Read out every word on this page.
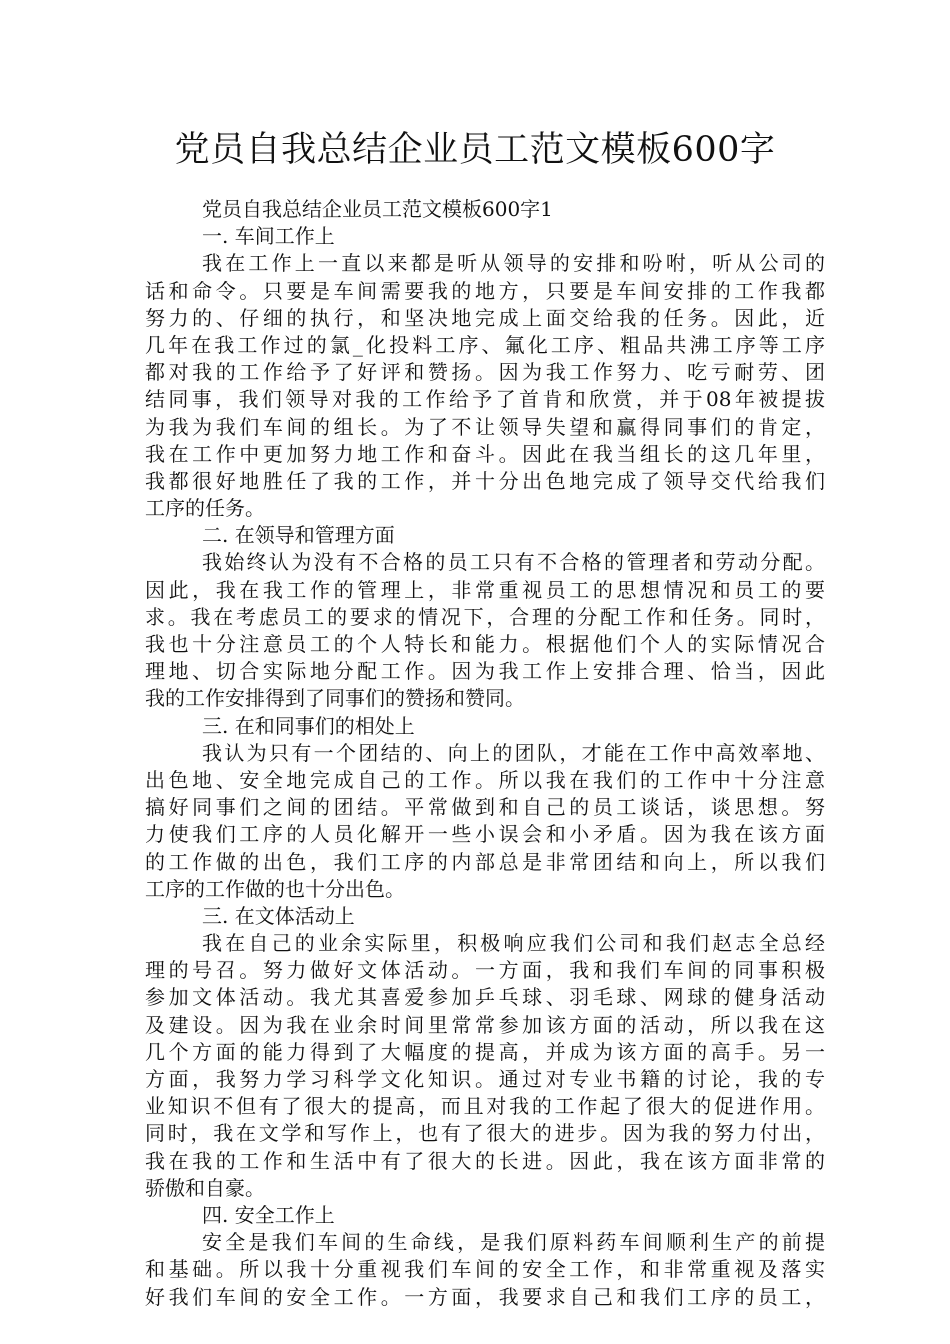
党员自我总结企业员工范文模板600字
党员自我总结企业员工范文模板600字1
一. 车间工作上
我在工作上一直以来都是听从领导的安排和吩咐，听从公司的
话和命令。只要是车间需要我的地方，只要是车间安排的工作我都
努力的、仔细的执行，和坚决地完成上面交给我的任务。因此，近
几年在我工作过的氯_化投料工序、氟化工序、粗品共沸工序等工序
都对我的工作给予了好评和赞扬。因为我工作努力、吃亏耐劳、团
结同事，我们领导对我的工作给予了首肯和欣赏，并于08年被提拔
为我为我们车间的组长。为了不让领导失望和赢得同事们的肯定，
我在工作中更加努力地工作和奋斗。因此在我当组长的这几年里，
我都很好地胜任了我的工作，并十分出色地完成了领导交代给我们
工序的任务。
二. 在领导和管理方面
我始终认为没有不合格的员工只有不合格的管理者和劳动分配。
因此，我在我工作的管理上，非常重视员工的思想情况和员工的要
求。我在考虑员工的要求的情况下，合理的分配工作和任务。同时，
我也十分注意员工的个人特长和能力。根据他们个人的实际情况合
理地、切合实际地分配工作。因为我工作上安排合理、恰当，因此
我的工作安排得到了同事们的赞扬和赞同。
三. 在和同事们的相处上
我认为只有一个团结的、向上的团队，才能在工作中高效率地、
出色地、安全地完成自己的工作。所以我在我们的工作中十分注意
搞好同事们之间的团结。平常做到和自己的员工谈话，谈思想。努
力使我们工序的人员化解开一些小误会和小矛盾。因为我在该方面
的工作做的出色，我们工序的内部总是非常团结和向上，所以我们
工序的工作做的也十分出色。
三. 在文体活动上
我在自己的业余实际里，积极响应我们公司和我们赵志全总经
理的号召。努力做好文体活动。一方面，我和我们车间的同事积极
参加文体活动。我尤其喜爱参加乒乓球、羽毛球、网球的健身活动
及建设。因为我在业余时间里常常参加该方面的活动，所以我在这
几个方面的能力得到了大幅度的提高，并成为该方面的高手。另一
方面，我努力学习科学文化知识。通过对专业书籍的讨论，我的专
业知识不但有了很大的提高，而且对我的工作起了很大的促进作用。
同时，我在文学和写作上，也有了很大的进步。因为我的努力付出，
我在我的工作和生活中有了很大的长进。因此，我在该方面非常的
骄傲和自豪。
四. 安全工作上
安全是我们车间的生命线，是我们原料药车间顺利生产的前提
和基础。所以我十分重视我们车间的安全工作，和非常重视及落实
好我们车间的安全工作。一方面，我要求自己和我们工序的员工，
